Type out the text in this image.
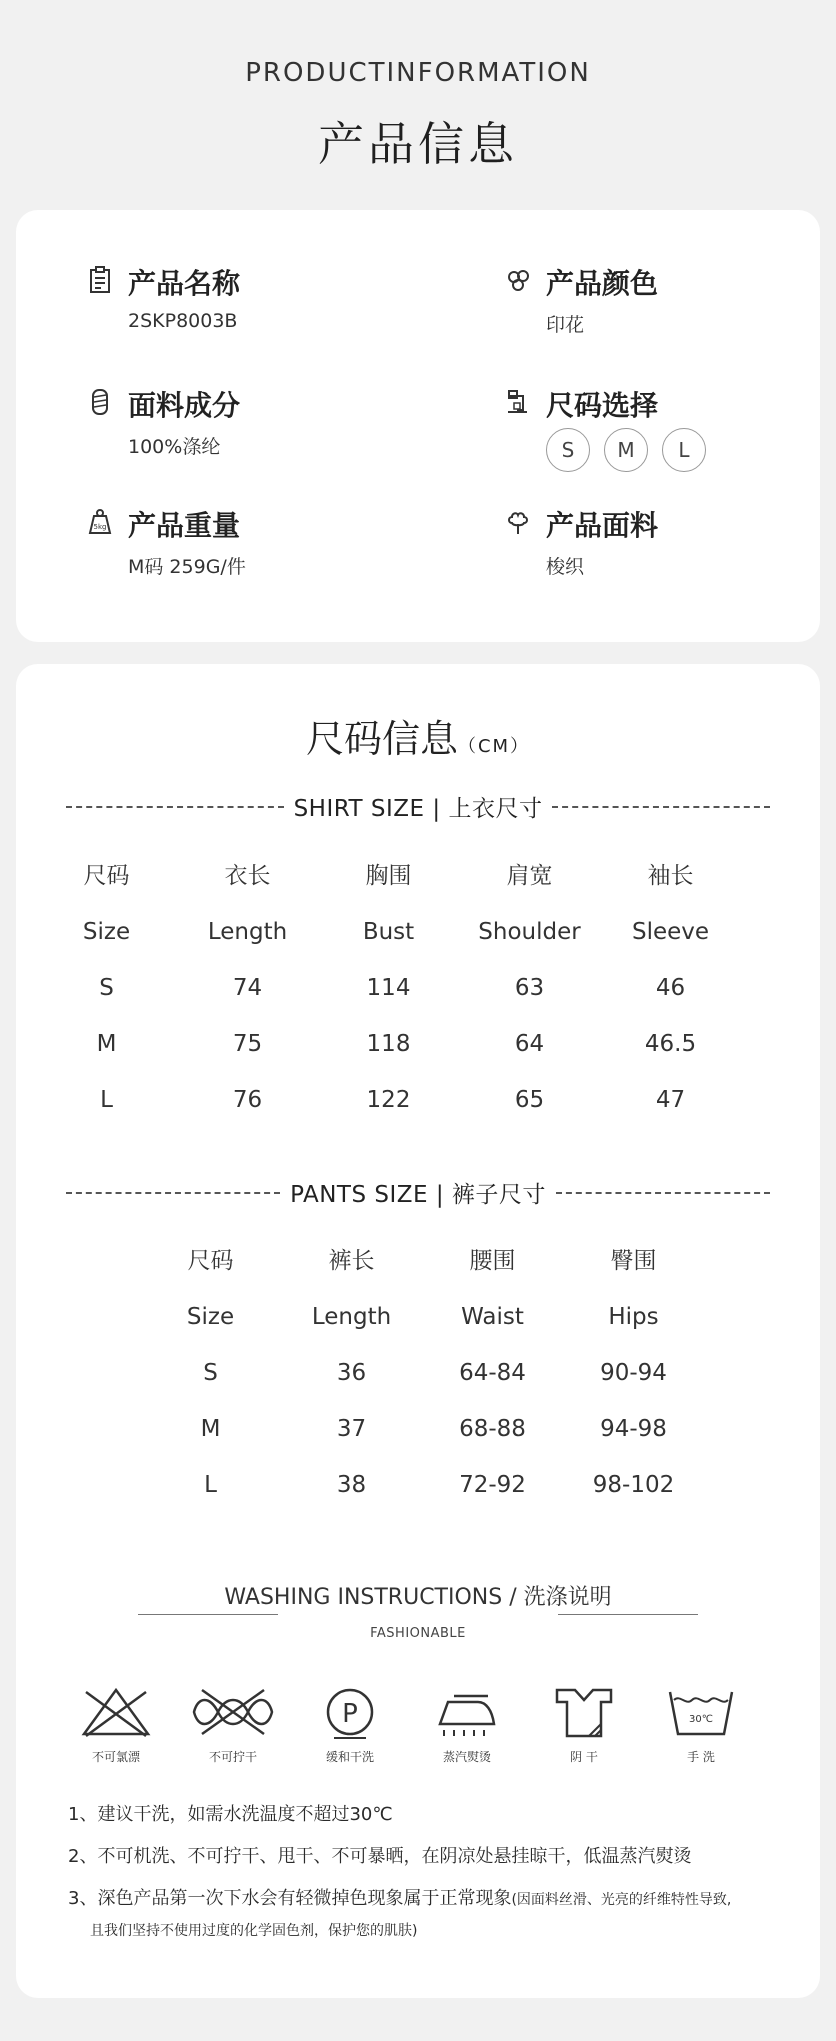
PRODUCTINFORMATION
产品信息
产品名称
2SKP8003B
产品颜色
印花
面料成分
100%涤纶
尺码选择
S	M	L
5kg 产品重量
M码 259G/件
产品面料
梭织
尺码信息（CM）
SHIRT SIZE | 上衣尺寸
尺码	衣长	胸围	肩宽	袖长
Size	Length	Bust	Shoulder	Sleeve
S	74	114	63	46
M	75	118	64	46.5
L	76	122	65	47
PANTS SIZE | 裤子尺寸
尺码	裤长	腰围	臀围
Size	Length	Waist	Hips
S	36	64-84	90-94
M	37	68-88	94-98
L	38	72-92	98-102
WASHING INSTRUCTIONS / 洗涤说明
FASHIONABLE
不可氯漂	不可拧干
P
缓和干洗	蒸汽熨烫	阴 干
30℃
手 洗
1、建议干洗，如需水洗温度不超过30℃
2、不可机洗、不可拧干、甩干、不可暴晒，在阴凉处悬挂晾干，低温蒸汽熨烫
3、深色产品第一次下水会有轻微掉色现象属于正常现象(因面料丝滑、光亮的纤维特性导致,
且我们坚持不使用过度的化学固色剂，保护您的肌肤)
